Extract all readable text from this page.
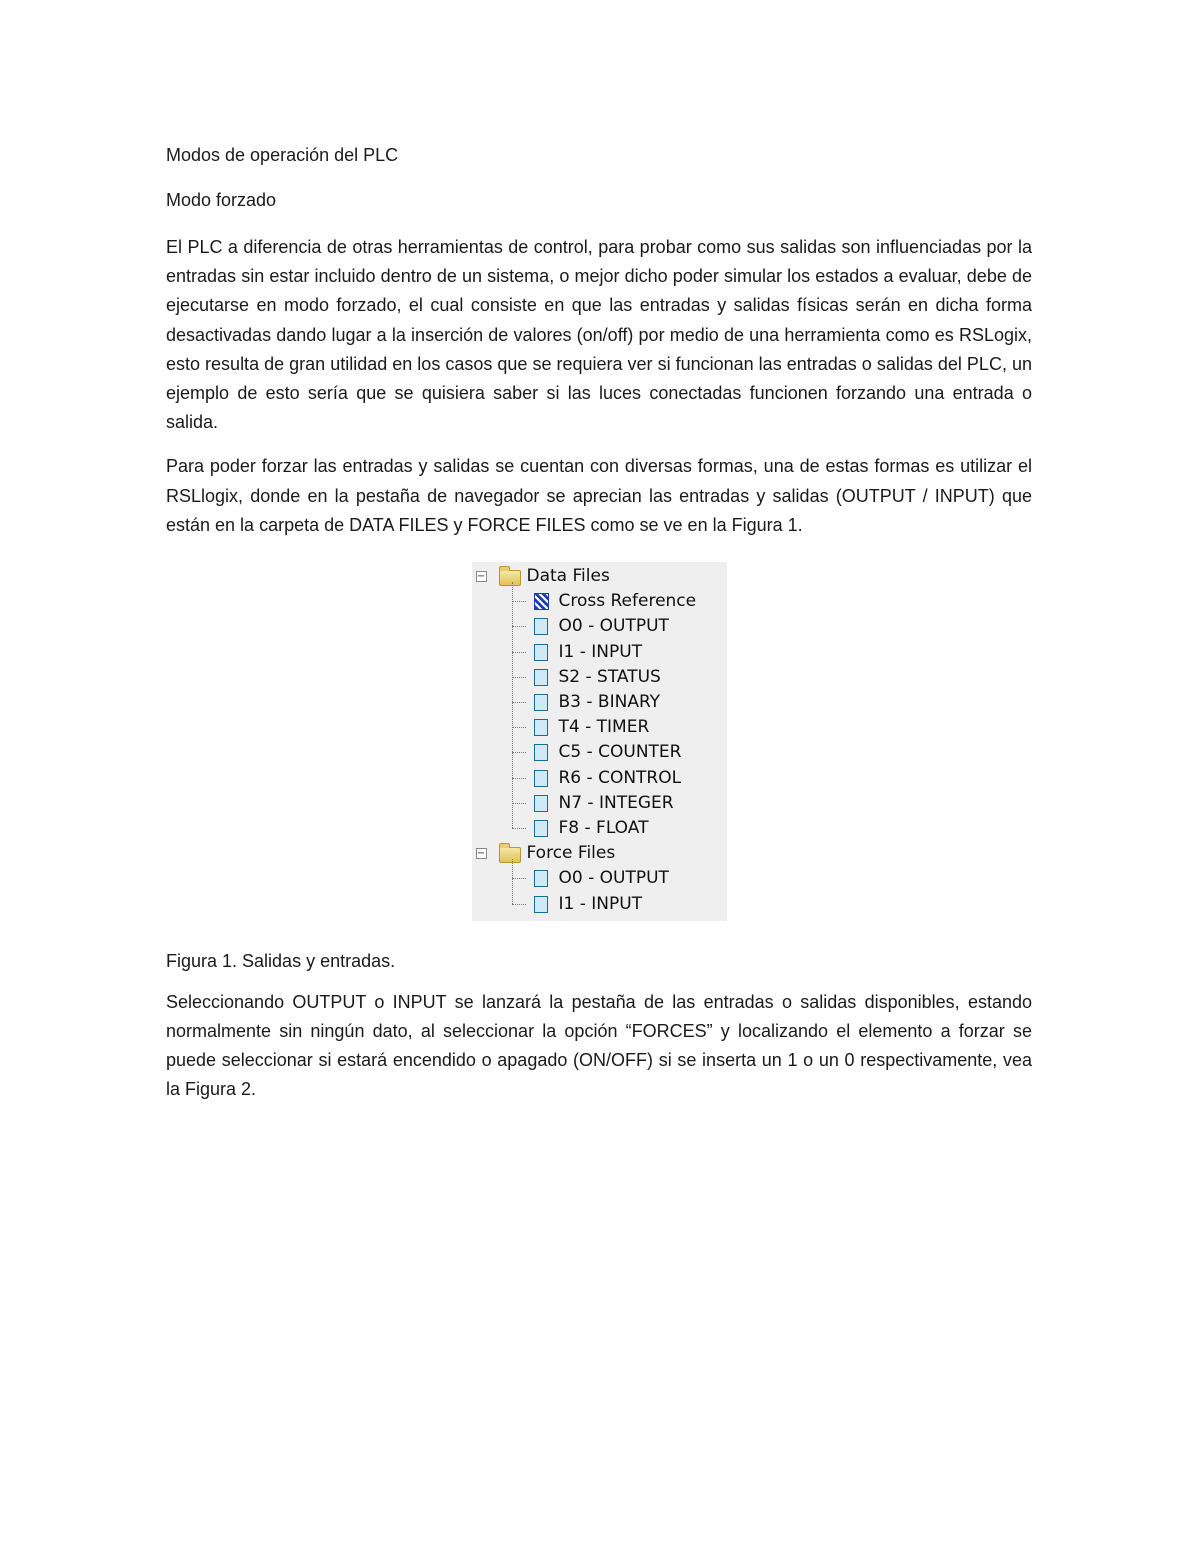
Modos de operación del PLC

Modo forzado

El PLC a diferencia de otras herramientas de control, para probar como sus salidas son influenciadas por la entradas sin estar incluido dentro de un sistema, o mejor dicho poder simular los estados a evaluar, debe de ejecutarse en modo forzado, el cual consiste en que las entradas y salidas físicas serán en dicha forma desactivadas dando lugar a la inserción de valores (on/off) por medio de una herramienta como es RSLogix, esto resulta de gran utilidad en los casos que se requiera ver si funcionan las entradas o salidas del PLC, un ejemplo de esto sería que se quisiera saber si las luces conectadas funcionen forzando una entrada o salida.

Para poder forzar las entradas y salidas se cuentan con diversas formas, una de estas formas es utilizar el RSLlogix, donde en la pestaña de navegador se aprecian las entradas y salidas (OUTPUT / INPUT) que están en la carpeta de DATA FILES y FORCE FILES como se ve en la Figura 1.

− Data Files
Cross Reference
O0 - OUTPUT
I1 - INPUT
S2 - STATUS
B3 - BINARY
T4 - TIMER
C5 - COUNTER
R6 - CONTROL
N7 - INTEGER
F8 - FLOAT
− Force Files
O0 - OUTPUT
I1 - INPUT

Figura 1. Salidas y entradas.

Seleccionando OUTPUT o INPUT se lanzará la pestaña de las entradas o salidas disponibles, estando normalmente sin ningún dato, al seleccionar la opción “FORCES” y localizando el elemento a forzar se puede seleccionar si estará encendido o apagado (ON/OFF) si se inserta un 1 o un 0 respectivamente, vea la Figura 2.
